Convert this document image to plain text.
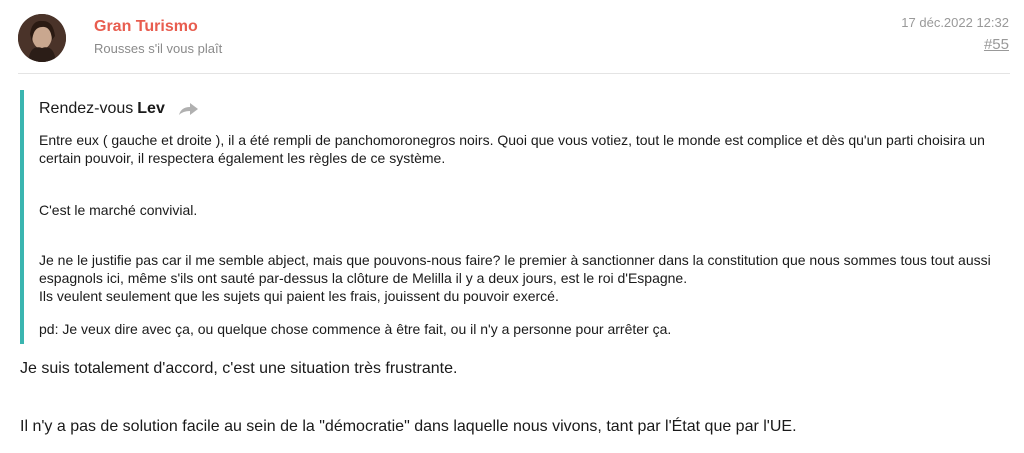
Gran Turismo
Rousses s'il vous plaît
17 déc.2022 12:32
#55
Rendez-vous Lev
Entre eux ( gauche et droite ), il a été rempli de panchomoronegros noirs. Quoi que vous votiez, tout le monde est complice et dès qu'un parti choisira un certain pouvoir, il respectera également les règles de ce système.
C'est le marché convivial.
Je ne le justifie pas car il me semble abject, mais que pouvons-nous faire? le premier à sanctionner dans la constitution que nous sommes tous tout aussi espagnols ici, même s'ils ont sauté par-dessus la clôture de Melilla il y a deux jours, est le roi d'Espagne.
Ils veulent seulement que les sujets qui paient les frais, jouissent du pouvoir exercé.
pd: Je veux dire avec ça, ou quelque chose commence à être fait, ou il n'y a personne pour arrêter ça.
Je suis totalement d'accord, c'est une situation très frustrante.
Il n'y a pas de solution facile au sein de la "démocratie" dans laquelle nous vivons, tant par l'État que par l'UE.
